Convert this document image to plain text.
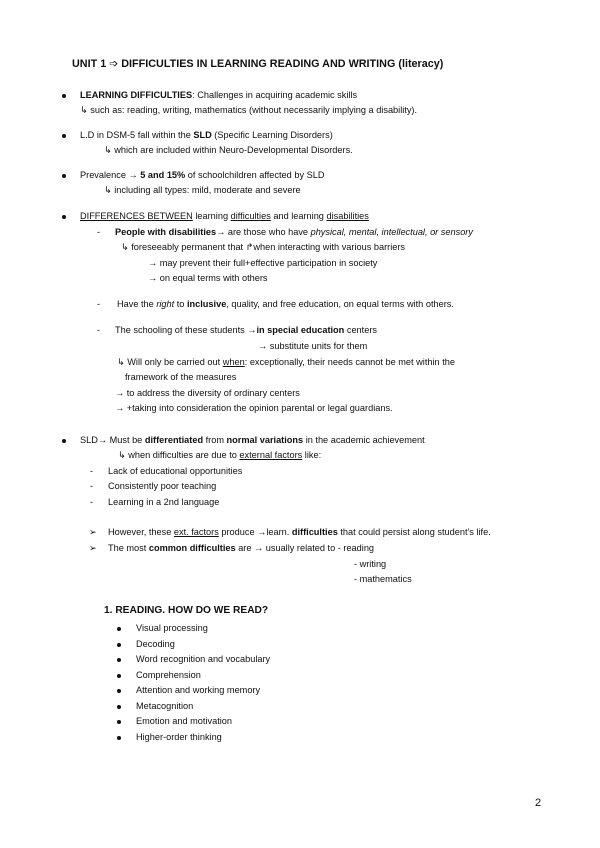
UNIT 1 ➩ DIFFICULTIES IN LEARNING READING AND WRITING (literacy)
LEARNING DIFFICULTIES: Challenges in acquiring academic skills
↳ such as: reading, writing, mathematics (without necessarily implying a disability).
L.D in DSM-5 fall within the SLD (Specific Learning Disorders)
↳ which are included within Neuro-Developmental Disorders.
Prevalence → 5 and 15% of schoolchildren affected by SLD
↳ including all types: mild, moderate and severe
DIFFERENCES BETWEEN learning difficulties and learning disabilities
- People with disabilities→ are those who have physical, mental, intellectual, or sensory
↳ foreseeably permanent that ↱when interacting with various barriers
→ may prevent their full+effective participation in society
→ on equal terms with others
- Have the right to inclusive, quality, and free education, on equal terms with others.
- The schooling of these students →in special education centers
→ substitute units for them
↳ Will only be carried out when: exceptionally, their needs cannot be met within the
framework of the measures
→ to address the diversity of ordinary centers
→ +taking into consideration the opinion parental or legal guardians.
SLD→ Must be differentiated from normal variations in the academic achievement
↳ when difficulties are due to external factors like:
- Lack of educational opportunities
- Consistently poor teaching
- Learning in a 2nd language
➢ However, these ext. factors produce →learn. difficulties that could persist along student's life.
➢ The most common difficulties are → usually related to - reading
- writing
- mathematics
1. READING. HOW DO WE READ?
Visual processing
Decoding
Word recognition and vocabulary
Comprehension
Attention and working memory
Metacognition
Emotion and motivation
Higher-order thinking
2
